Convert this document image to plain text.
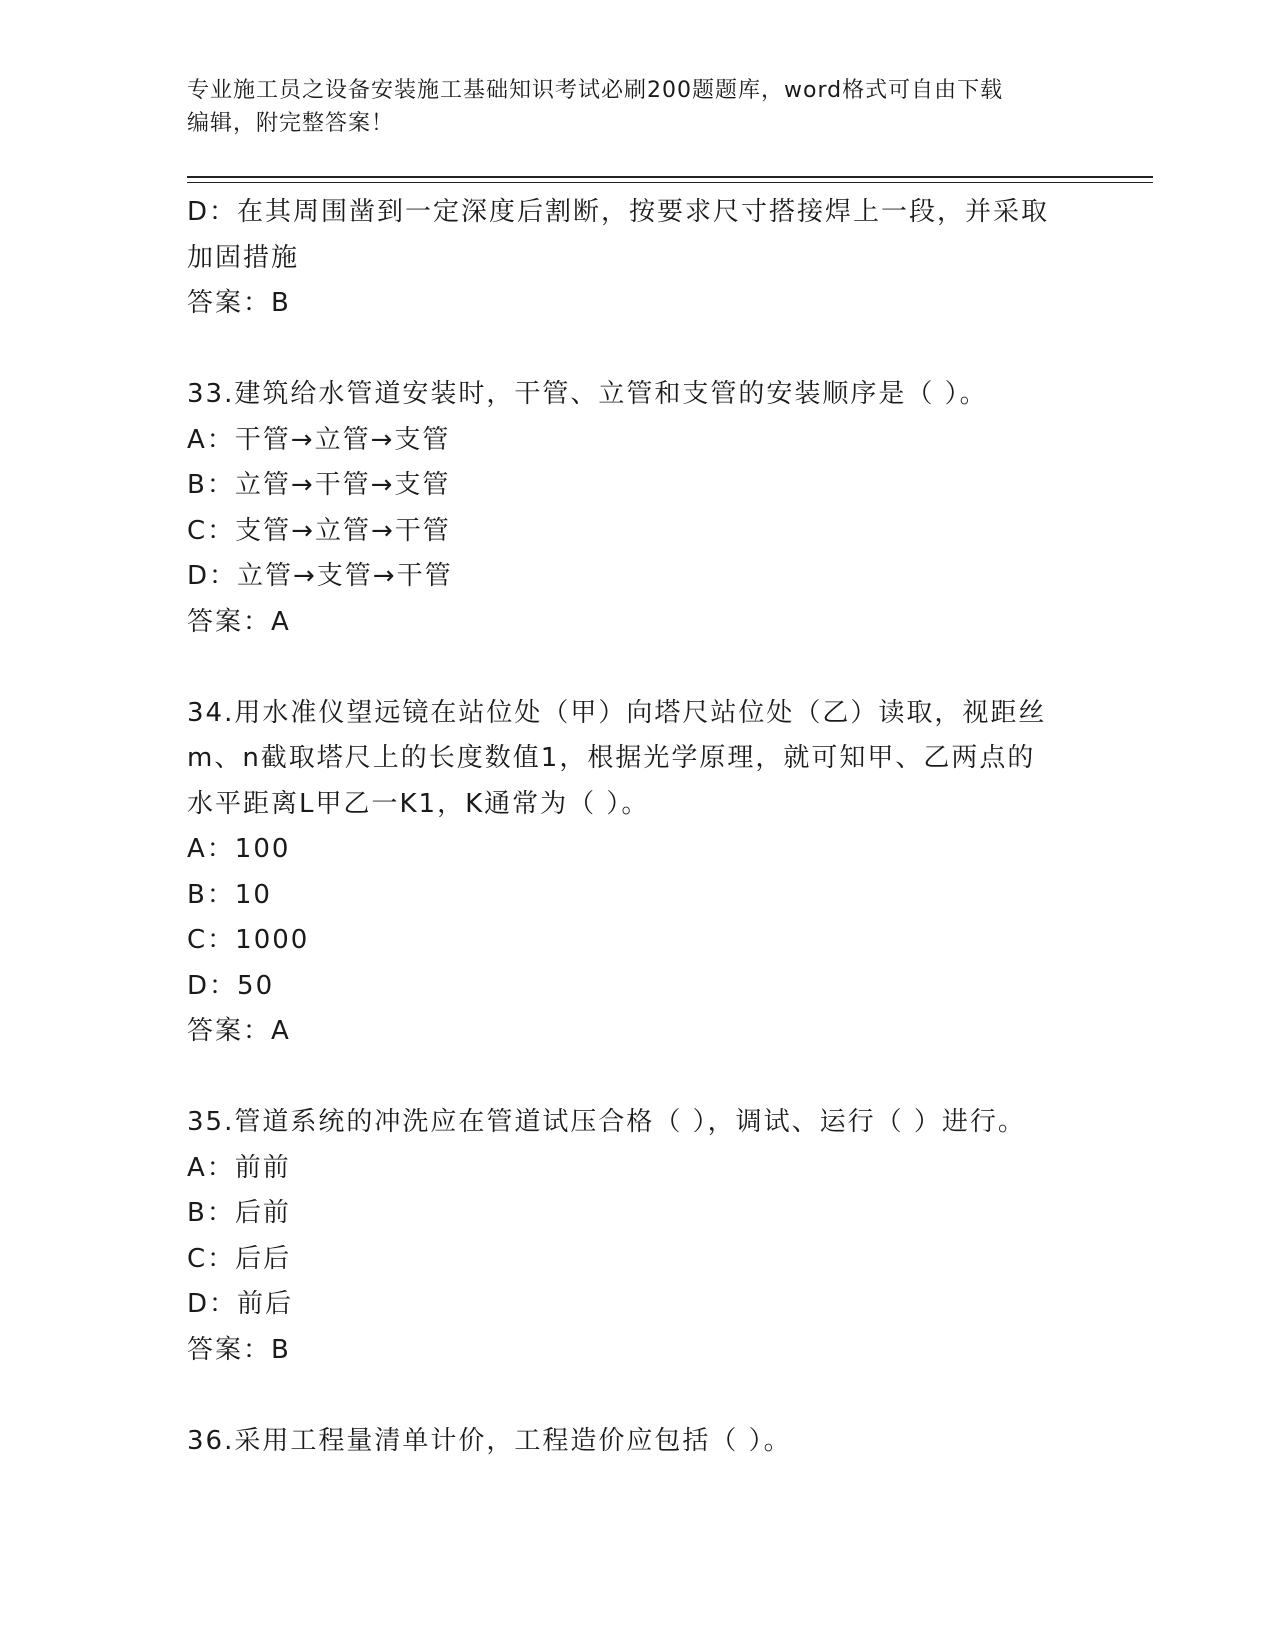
专业施工员之设备安装施工基础知识考试必刷200题题库，word格式可自由下载
编辑，附完整答案！
D：在其周围凿到一定深度后割断，按要求尺寸搭接焊上一段，并采取
加固措施
答案：B
33.建筑给水管道安装时，干管、立管和支管的安装顺序是（ ）。
A：干管→立管→支管
B：立管→干管→支管
C：支管→立管→干管
D：立管→支管→干管
答案：A
34.用水准仪望远镜在站位处（甲）向塔尺站位处（乙）读取，视距丝
m、n截取塔尺上的长度数值1，根据光学原理，就可知甲、乙两点的
水平距离L甲乙一K1，K通常为（ ）。
A：100
B：10
C：1000
D：50
答案：A
35.管道系统的冲洗应在管道试压合格（ ），调试、运行（ ）进行。
A：前前
B：后前
C：后后
D：前后
答案：B
36.采用工程量清单计价，工程造价应包括（ ）。
